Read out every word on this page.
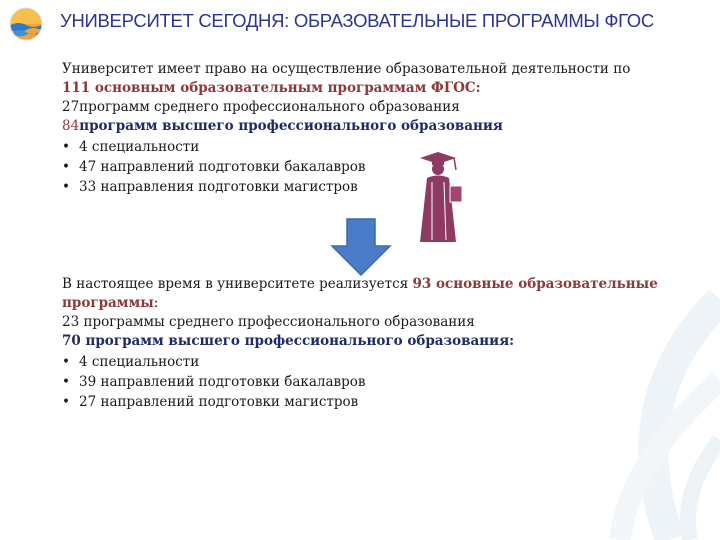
УНИВЕРСИТЕТ СЕГОДНЯ: ОБРАЗОВАТЕЛЬНЫЕ ПРОГРАММЫ ФГОС

Университет имеет право на осуществление образовательной деятельности по

111 основным образовательным программам ФГОС:

27программ среднего профессионального образования

84программ высшего профессионального образования

• 4 специальности
• 47 направлений подготовки бакалавров
• 33 направления подготовки магистров

В настоящее время в университете реализуется 93 основные образовательные

программы:

23 программы среднего профессионального образования

70 программ высшего профессионального образования:

• 4 специальности
• 39 направлений подготовки бакалавров
• 27 направлений подготовки магистров
